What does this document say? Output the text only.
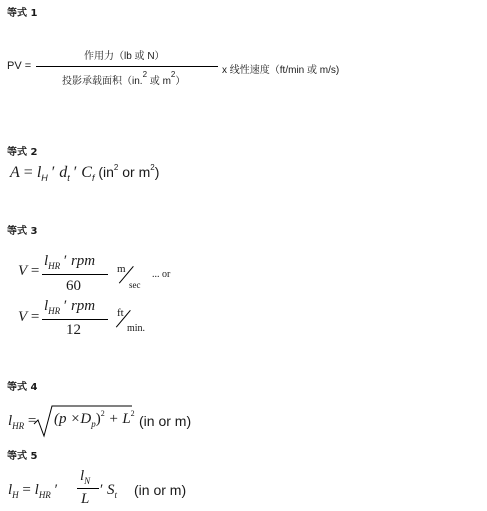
等式 1
PV =
作用力（lb 或 N）
投影承载面积（in.$^2$ 或 $m^2$）
x 线性速度（ft/min 或 m/s)
等式 2
$A = l_H$ ′ $d_t$ ′ $C_f$ ($in^2$ or $m^2$)
等式 3
V =
$l_{HR}$ ′ rpm
60
m
sec
... or
V =
$l_{HR}$ ′ rpm
12
ft
min.
等式 4
$l_{HR} = (p \times D_p)^2 + L^2$ (in or m)
等式 5
$l_H = l_{HR}$ ′
$l_N$
L
′ $S_t$ (in or m)
